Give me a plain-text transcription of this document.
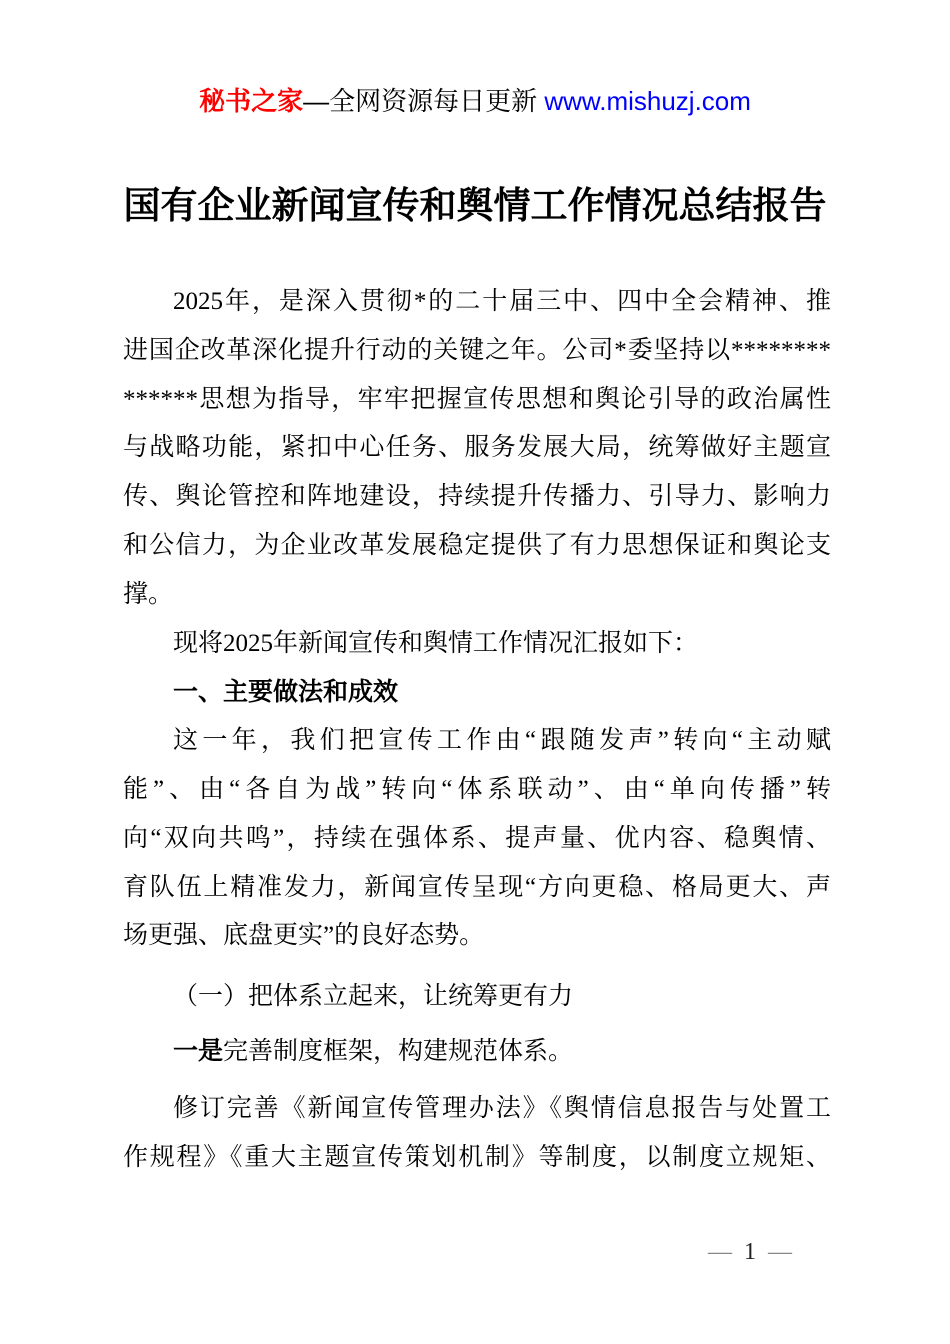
秘书之家—全网资源每日更新 www.mishuzj.com
国有企业新闻宣传和舆情工作情况总结报告
2025年，是深入贯彻*的二十届三中、四中全会精神、推
进国企改革深化提升行动的关键之年。公司*委坚持以********
******思想为指导，牢牢把握宣传思想和舆论引导的政治属性
与战略功能，紧扣中心任务、服务发展大局，统筹做好主题宣
传、舆论管控和阵地建设，持续提升传播力、引导力、影响力
和公信力，为企业改革发展稳定提供了有力思想保证和舆论支
撑。
现将2025年新闻宣传和舆情工作情况汇报如下：
一、主要做法和成效
这一年，我们把宣传工作由“跟随发声”转向“主动赋
能”、由“各自为战”转向“体系联动”、由“单向传播”转
向“双向共鸣”，持续在强体系、提声量、优内容、稳舆情、
育队伍上精准发力，新闻宣传呈现“方向更稳、格局更大、声
场更强、底盘更实”的良好态势。
（一）把体系立起来，让统筹更有力
一是完善制度框架，构建规范体系。
修订完善《新闻宣传管理办法》《舆情信息报告与处置工
作规程》《重大主题宣传策划机制》等制度，以制度立规矩、
— 1 —
